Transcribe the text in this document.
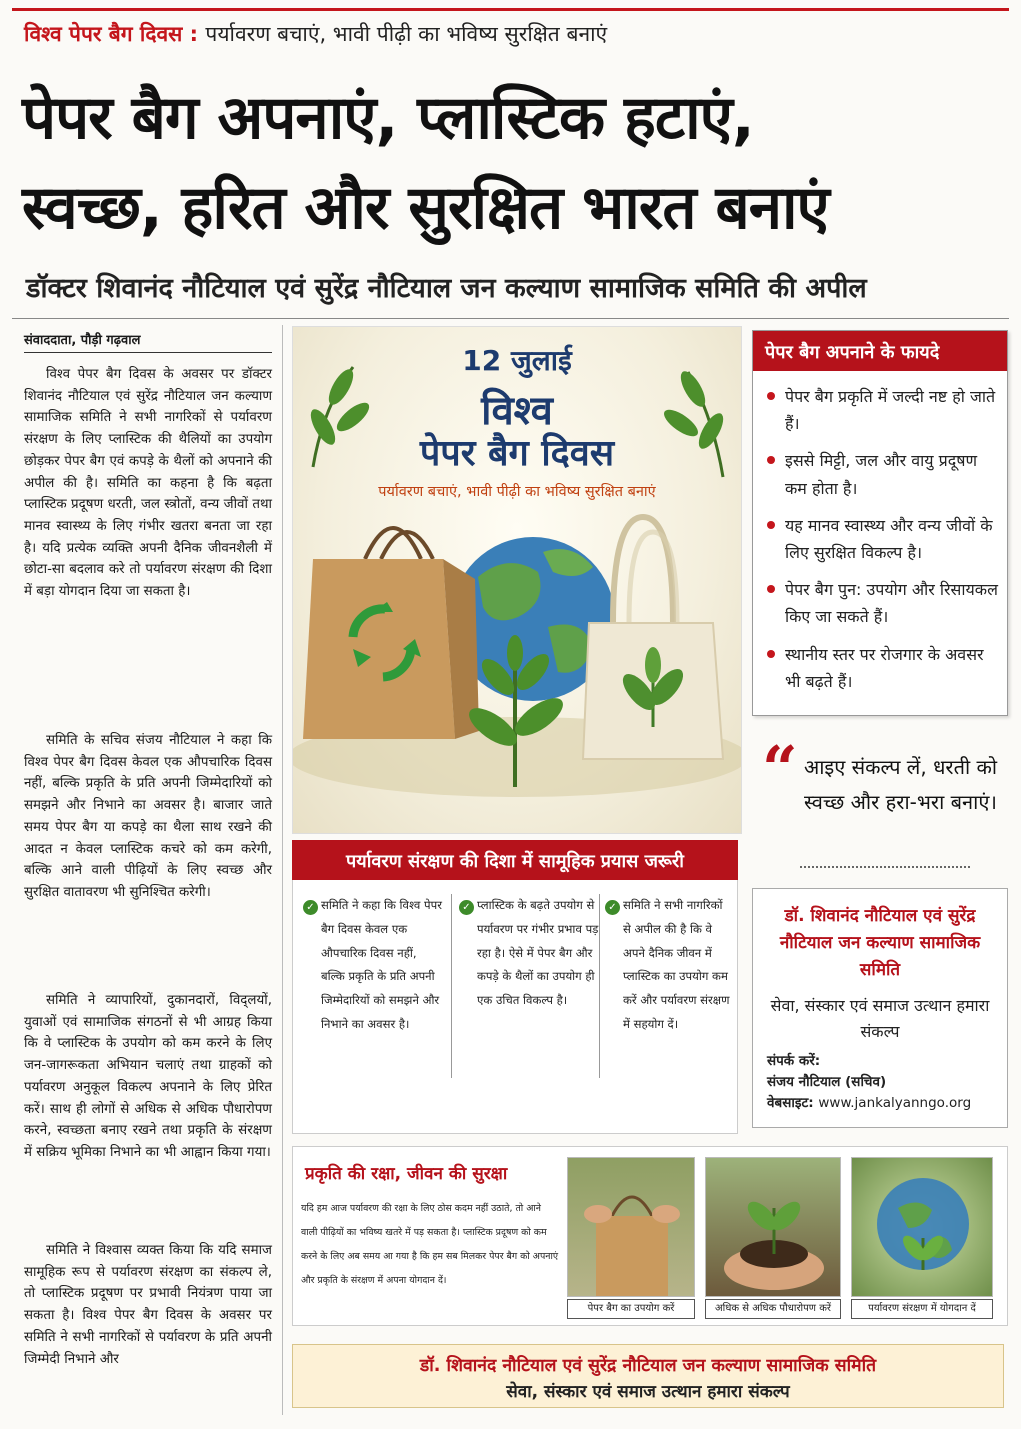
विश्व पेपर बैग दिवस : पर्यावरण बचाएं, भावी पीढ़ी का भविष्य सुरक्षित बनाएं
पेपर बैग अपनाएं, प्लास्टिक हटाएं,
स्वच्छ, हरित और सुरक्षित भारत बनाएं
डॉक्टर शिवानंद नौटियाल एवं सुरेंद्र नौटियाल जन कल्याण सामाजिक समिति की अपील
संवाददाता, पौड़ी गढ़वाल

विश्व पेपर बैग दिवस के अवसर पर डॉक्टर शिवानंद नौटियाल एवं सुरेंद्र नौटियाल जन कल्याण सामाजिक समिति ने सभी नागरिकों से पर्यावरण संरक्षण के लिए प्लास्टिक की थैलियों का उपयोग छोड़कर पेपर बैग एवं कपड़े के थैलों को अपनाने की अपील की है। समिति का कहना है कि बढ़ता प्लास्टिक प्रदूषण धरती, जल स्त्रोतों, वन्य जीवों तथा मानव स्वास्थ्य के लिए गंभीर खतरा बनता जा रहा है। यदि प्रत्येक व्यक्ति अपनी दैनिक जीवनशैली में छोटा-सा बदलाव करे तो पर्यावरण संरक्षण की दिशा में बड़ा योगदान दिया जा सकता है।

समिति के सचिव संजय नौटियाल ने कहा कि विश्व पेपर बैग दिवस केवल एक औपचारिक दिवस नहीं, बल्कि प्रकृति के प्रति अपनी जिम्मेदारियों को समझने और निभाने का अवसर है। बाजार जाते समय पेपर बैग या कपड़े का थैला साथ रखने की आदत न केवल प्लास्टिक कचरे को कम करेगी, बल्कि आने वाली पीढ़ियों के लिए स्वच्छ और सुरक्षित वातावरण भी सुनिश्चित करेगी।

समिति ने व्यापारियों, दुकानदारों, विद्‌लयों, युवाओं एवं सामाजिक संगठनों से भी आग्रह किया कि वे प्लास्टिक के उपयोग को कम करने के लिए जन-जागरूकता अभियान चलाएं तथा ग्राहकों को पर्यावरण अनुकूल विकल्प अपनाने के लिए प्रेरित करें। साथ ही लोगों से अधिक से अधिक पौधारोपण करने, स्वच्छता बनाए रखने तथा प्रकृति के संरक्षण में सक्रिय भूमिका निभाने का भी आह्वान किया गया।

समिति ने विश्वास व्यक्त किया कि यदि समाज सामूहिक रूप से पर्यावरण संरक्षण का संकल्प ले, तो प्लास्टिक प्रदूषण पर प्रभावी नियंत्रण पाया जा सकता है। विश्व पेपर बैग दिवस के अवसर पर समिति ने सभी नागरिकों से पर्यावरण के प्रति अपनी जिम्मेदी निभाने और

12 जुलाई
विश्व
पेपर बैग दिवस
पर्यावरण बचाएं, भावी पीढ़ी का भविष्य सुरक्षित बनाएं
पेपर बैग अपनाने के फायदे
पेपर बैग प्रकृति में जल्दी नष्ट हो जाते हैं।
इससे मिट्टी, जल और वायु प्रदूषण कम होता है।
यह मानव स्वास्थ्य और वन्य जीवों के लिए सुरक्षित विकल्प है।
पेपर बैग पुन: उपयोग और रिसायकल किए जा सकते हैं।
स्थानीय स्तर पर रोजगार के अवसर भी बढ़ते हैं।
“ आइए संकल्प लें, धरती को स्वच्छ और हरा-भरा बनाएं।
डॉ. शिवानंद नौटियाल एवं सुरेंद्र नौटियाल जन कल्याण सामाजिक समिति
सेवा, संस्कार एवं समाज उत्थान हमारा संकल्प
संपर्क करें:
संजय नौटियाल (सचिव)
वेबसाइट: www.jankalyanngo.org
पर्यावरण संरक्षण की दिशा में सामूहिक प्रयास जरूरी
✓ समिति ने कहा कि विश्व पेपर बैग दिवस केवल एक औपचारिक दिवस नहीं, बल्कि प्रकृति के प्रति अपनी जिम्मेदारियों को समझने और निभाने का अवसर है।
✓ प्लास्टिक के बढ़ते उपयोग से पर्यावरण पर गंभीर प्रभाव पड़ रहा है। ऐसे में पेपर बैग और कपड़े के थैलों का उपयोग ही एक उचित विकल्प है।
✓ समिति ने सभी नागरिकों से अपील की है कि वे अपने दैनिक जीवन में प्लास्टिक का उपयोग कम करें और पर्यावरण संरक्षण में सहयोग दें।
प्रकृति की रक्षा, जीवन की सुरक्षा
यदि हम आज पर्यावरण की रक्षा के लिए ठोस कदम नहीं उठाते, तो आने वाली पीढ़ियों का भविष्य खतरे में पड़ सकता है। प्लास्टिक प्रदूषण को कम करने के लिए अब समय आ गया है कि हम सब मिलकर पेपर बैग को अपनाएं और प्रकृति के संरक्षण में अपना योगदान दें।
पेपर बैग का उपयोग करें	अधिक से अधिक पौधारोपण करें	पर्यावरण संरक्षण में योगदान दें
डॉ. शिवानंद नौटियाल एवं सुरेंद्र नौटियाल जन कल्याण सामाजिक समिति
सेवा, संस्कार एवं समाज उत्थान हमारा संकल्प
